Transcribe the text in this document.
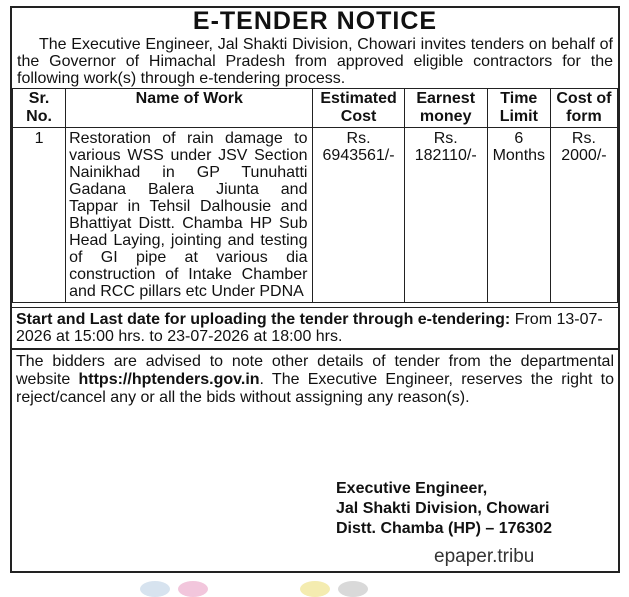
E-TENDER NOTICE
The Executive Engineer, Jal Shakti Division, Chowari invites tenders on behalf of the Governor of Himachal Pradesh from approved eligible contractors for the following work(s) through e-tendering process.
Sr. No.	Name of Work	Estimated Cost	Earnest money	Time Limit	Cost of form
1	Restoration of rain damage to various WSS under JSV Section Nainikhad in GP Tunuhatti Gadana Balera Jiunta and Tappar in Tehsil Dalhousie and Bhattiyat Distt. Chamba HP Sub Head Laying, jointing and testing of GI pipe at various dia construction of Intake Chamber and RCC pillars etc Under PDNA	Rs. 6943561/-	Rs. 182110/-	6 Months	Rs. 2000/-
Start and Last date for uploading the tender through e-tendering: From 13-07-2026 at 15:00 hrs. to 23-07-2026 at 18:00 hrs.
The bidders are advised to note other details of tender from the departmental website https://hptenders.gov.in. The Executive Engineer, reserves the right to reject/cancel any or all the bids without assigning any reason(s).
Executive Engineer,
Jal Shakti Division, Chowari
Distt. Chamba (HP) – 176302
epaper.tribu
